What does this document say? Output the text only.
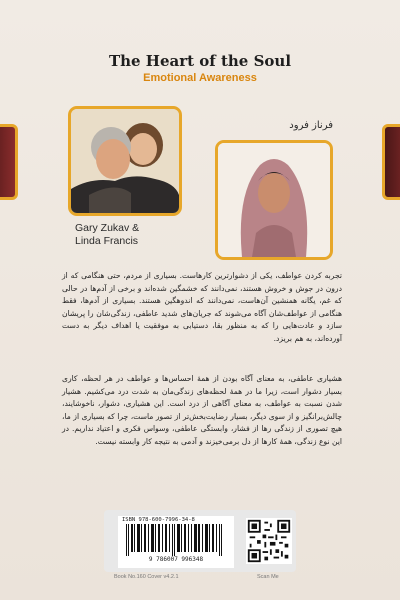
The Heart of the Soul
Emotional Awareness
فرناز فرود
Gary Zukav &
Linda Francis
تجربه کردن عواطف، یکی از دشوارترین کارهاست. بسیاری از مردم، حتی هنگامی که از درون در جوش و خروش هستند، نمی‌دانند که خشمگین شده‌اند و برخی از آدم‌ها در حالی که غم، یگانه همنشین آن‌هاست، نمی‌دانند که اندوهگین هستند. بسیاری از آدم‌ها، فقط هنگامی از عواطف‌شان آگاه می‌شوند که جریان‌های شدید عاطفی، زندگی‌شان را پریشان سازد و عادت‌هایی را که به منظور بقا، دستیابی به موفقیت یا اهداف دیگر به دست آورده‌اند، به هم بریزد.
هشیاری عاطفی، به معنای آگاه بودن از همهٔ احساس‌ها و عواطف در هر لحظه، کاری بسیار دشوار است، زیرا ما در همهٔ لحظه‌های زندگی‌مان به شدت درد می‌کشیم. هشیار شدن نسبت به عواطف، به معنای آگاهی از درد است. این هشیاری، دشوار، ناخوشایند، چالش‌برانگیز و از سوی دیگر، بسیار رضایت‌بخش‌تر از تصور ماست، چرا که بسیاری از ما، هیچ تصوری از زندگی رها از فشار، وابستگی عاطفی، وسواس فکری و اعتیاد نداریم. در این نوع زندگی، همهٔ کارها از دل برمی‌خیزند و آدمی به نتیجه کار وابسته نیست.
ISBN 978-600-7996-34-8
9 786007 996348
Book No.160 Cover v4.2.1	Scan Me
